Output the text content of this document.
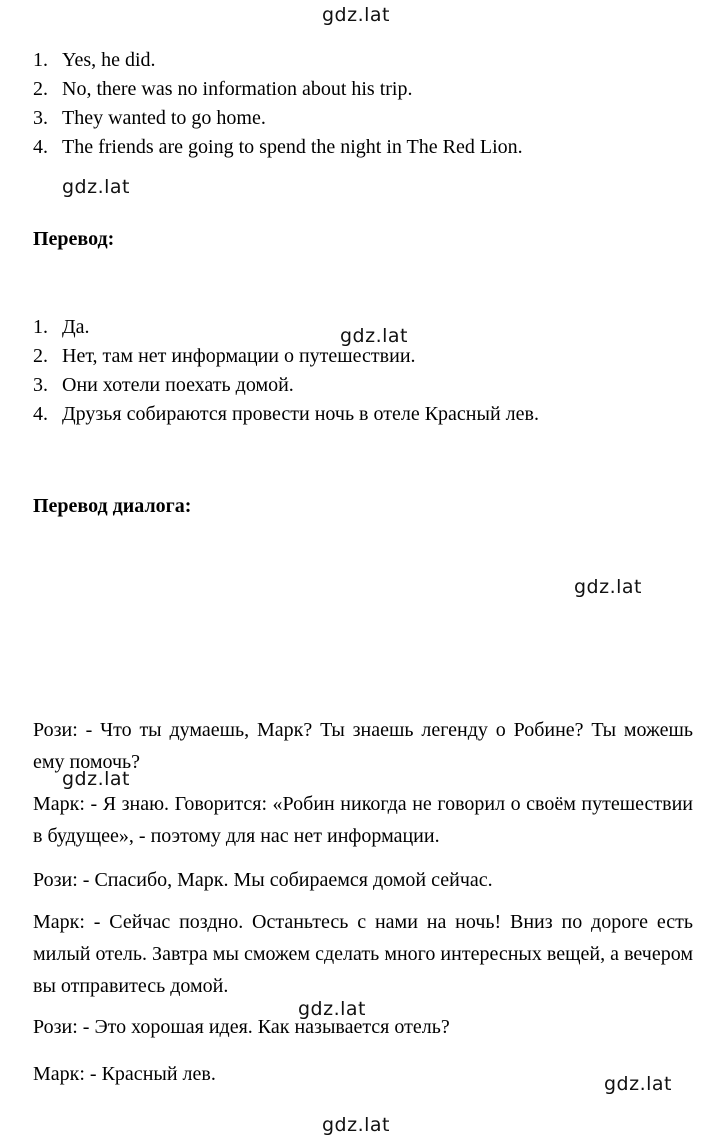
gdz.lat
gdz.lat
gdz.lat
gdz.lat
gdz.lat
gdz.lat
gdz.lat
gdz.lat
1. Yes, he did.
2. No, there was no information about his trip.
3. They wanted to go home.
4. The friends are going to spend the night in The Red Lion.
Перевод:
1. Да.
2. Нет, там нет информации о путешествии.
3. Они хотели поехать домой.
4. Друзья собираются провести ночь в отеле Красный лев.
Перевод диалога:
Рози: - Что ты думаешь, Марк? Ты знаешь легенду о Робине? Ты можешь ему помочь?
Марк: - Я знаю. Говорится: «Робин никогда не говорил о своём путешествии в будущее», - поэтому для нас нет информации.
Рози: - Спасибо, Марк. Мы собираемся домой сейчас.
Марк: - Сейчас поздно. Останьтесь с нами на ночь! Вниз по дороге есть милый отель. Завтра мы сможем сделать много интересных вещей, а вечером вы отправитесь домой.
Рози: - Это хорошая идея. Как называется отель?
Марк: - Красный лев.
